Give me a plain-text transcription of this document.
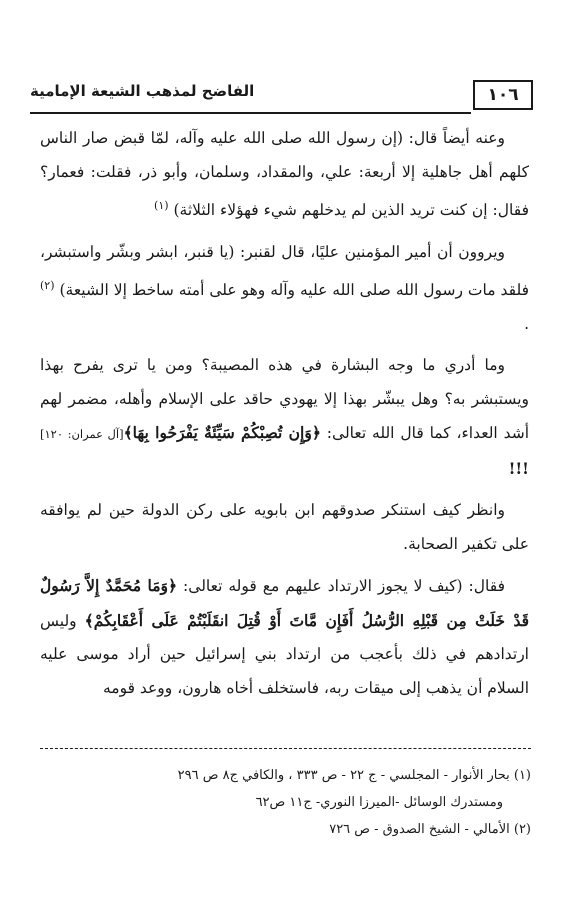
١٠٦
الفاضح لمذهب الشيعة الإمامية

وعنه أيضاً قال: (إن رسول الله صلى الله عليه وآله، لمّا قبض صار الناس كلهم أهل جاهلية إلا أربعة: علي، والمقداد، وسلمان، وأبو ذر، فقلت: فعمار؟ فقال: إن كنت تريد الذين لم يدخلهم شيء فهؤلاء الثلاثة) $^{(١)}$

ويروون أن أمير المؤمنين عليًا، قال لقنبر: (يا قنبر، ابشر وبشّر واستبشر، فلقد مات رسول الله صلى الله عليه وآله وهو على أمته ساخط إلا الشيعة) $^{(٢)}$ .

وما أدري ما وجه البشارة في هذه المصيبة؟ ومن يا ترى يفرح بهذا ويستبشر به؟ وهل يبشّر بهذا إلا يهودي حاقد على الإسلام وأهله، مضمر لهم أشد العداء، كما قال الله تعالى: ﴿وَإِن تُصِبْكُمْ سَيِّئَةٌ يَفْرَحُوا بِهَا﴾[آل عمران: ١٢٠] !!!

وانظر كيف استنكر صدوقهم ابن بابويه على ركن الدولة حين لم يوافقه على تكفير الصحابة.

فقال: (كيف لا يجوز الارتداد عليهم مع قوله تعالى: ﴿وَمَا مُحَمَّدٌ إِلاَّ رَسُولٌ قَدْ خَلَتْ مِن قَبْلِهِ الرُّسُلُ أَفَإِن مَّاتَ أَوْ قُتِلَ انقَلَبْتُمْ عَلَى أَعْقَابِكُمْ﴾ وليس ارتدادهم في ذلك بأعجب من ارتداد بني إسرائيل حين أراد موسى عليه السلام أن يذهب إلى ميقات ربه، فاستخلف أخاه هارون، ووعد قومه

(١) بحار الأنوار - المجلسي - ج ٢٢ - ص ٣٣٣ ، والكافي ج٨ ص ٢٩٦

ومستدرك الوسائل -الميرزا النوري- ج١١ ص٦٢

(٢) الأمالي - الشيخ الصدوق - ص ٧٢٦
